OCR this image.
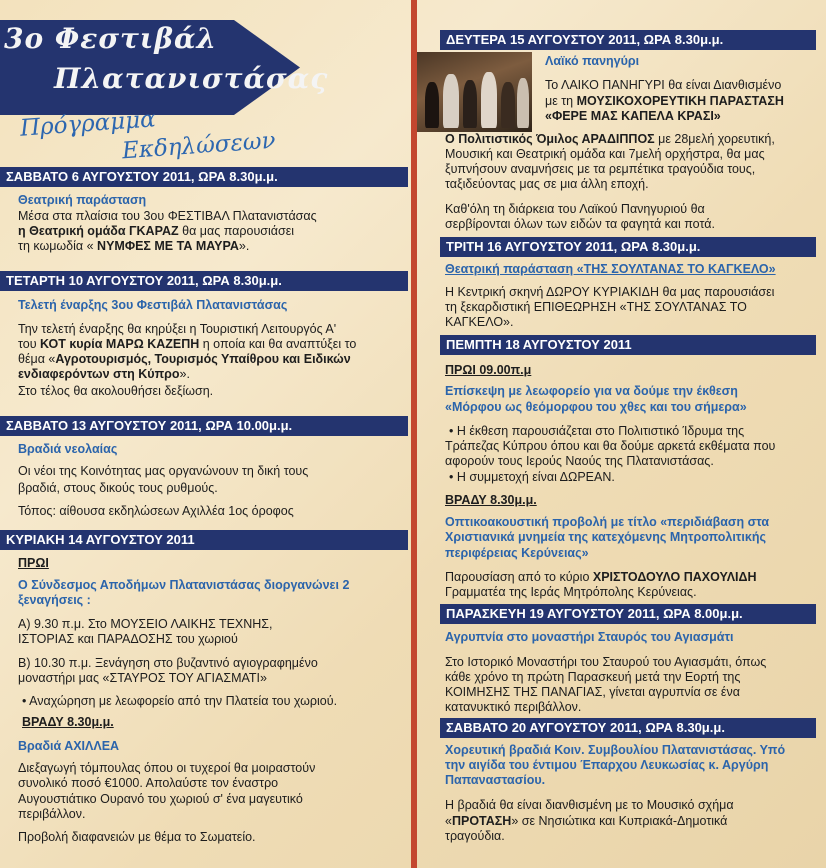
3ο Φεστιβάλ
Πλατανιστάσας
Πρόγραμμα
Εκδηλώσεων
ΣΑΒΒΑΤΟ 6 ΑΥΓΟΥΣΤΟΥ 2011, ΩΡΑ 8.30μ.μ.
Θεατρική παράσταση
Μέσα στα πλαίσια του 3ου ΦΕΣΤΙΒΑΛ Πλατανιστάσας
η Θεατρική ομάδα ΓΚΑΡΑΖ θα μας παρουσιάσει
τη κωμωδία « ΝΥΜΦΕΣ ΜΕ ΤΑ ΜΑΥΡΑ».
ΤΕΤΑΡΤΗ 10 ΑΥΓΟΥΣΤΟΥ 2011, ΩΡΑ 8.30μ.μ.
Τελετή έναρξης 3ου Φεστιβάλ Πλατανιστάσας
Την τελετή έναρξης θα κηρύξει η Τουριστική Λειτουργός Α'
του ΚΟΤ κυρία ΜΑΡΩ ΚΑΖΕΠΗ η οποία και θα αναπτύξει το
θέμα «Αγροτουρισμός, Τουρισμός Υπαίθρου και Ειδικών
ενδιαφερόντων στη Κύπρο».
Στο τέλος θα ακολουθήσει δεξίωση.
ΣΑΒΒΑΤΟ 13 ΑΥΓΟΥΣΤΟΥ 2011, ΩΡΑ 10.00μ.μ.
Βραδιά νεολαίας
Οι νέοι της Κοινότητας μας οργανώνουν τη δική τους
βραδιά, στους δικούς τους ρυθμούς.
Τόπος: αίθουσα εκδηλώσεων Αχιλλέα 1ος όροφος
ΚΥΡΙΑΚΗ 14 ΑΥΓΟΥΣΤΟΥ 2011
ΠΡΩΙ
Ο Σύνδεσμος Αποδήμων Πλατανιστάσας διοργανώνει 2
ξεναγήσεις :
Α) 9.30 π.μ. Στο ΜΟΥΣΕΙΟ ΛΑΙΚΗΣ ΤΕΧΝΗΣ,
ΙΣΤΟΡΙΑΣ και ΠΑΡΑΔΟΣΗΣ του χωριού
Β) 10.30 π.μ. Ξενάγηση στο βυζαντινό αγιογραφημένο
μοναστήρι μας «ΣΤΑΥΡΟΣ ΤΟΥ ΑΓΙΑΣΜΑΤΙ»
• Αναχώρηση με λεωφορείο από την Πλατεία του χωριού.
ΒΡΑΔΥ 8.30μ.μ.
Βραδιά ΑΧΙΛΛΕΑ
Διεξαγωγή τόμπουλας όπου οι τυχεροί θα μοιραστούν
συνολικό ποσό €1000. Απολαύστε τον έναστρο
Αυγουστιάτικο Ουρανό του χωριού σ' ένα μαγευτικό
περιβάλλον.
Προβολή διαφανειών με θέμα το Σωματείο.
ΔΕΥΤΕΡΑ 15 ΑΥΓΟΥΣΤΟΥ 2011, ΩΡΑ 8.30μ.μ.
Λαϊκό πανηγύρι
Το ΛΑΙΚΟ ΠΑΝΗΓΥΡΙ θα είναι Διανθισμένο
με τη ΜΟΥΣΙΚΟΧΟΡΕΥΤΙΚΗ ΠΑΡΑΣΤΑΣΗ
«ΦΕΡΕ ΜΑΣ ΚΑΠΕΛΑ ΚΡΑΣΙ»
Ο Πολιτιστικός Όμιλος ΑΡΑΔΙΠΠΟΣ με 28μελή χορευτική,
Μουσική και Θεατρική ομάδα και 7μελή ορχήστρα, θα μας
ξυπνήσουν αναμνήσεις με τα ρεμπέτικα τραγούδια τους,
ταξιδεύοντας μας σε μια άλλη εποχή.
Καθ'όλη τη διάρκεια του Λαϊκού Πανηγυριού θα
σερβίρονται όλων των ειδών τα φαγητά και ποτά.
ΤΡΙΤΗ 16 ΑΥΓΟΥΣΤΟΥ 2011, ΩΡΑ 8.30μ.μ.
Θεατρική παράσταση «ΤΗΣ ΣΟΥΛΤΑΝΑΣ ΤΟ ΚΑΓΚΕΛΟ»
Η Κεντρική σκηνή ΔΩΡΟΥ ΚΥΡΙΑΚΙΔΗ θα μας παρουσιάσει
τη ξεκαρδιστική ΕΠΙΘΕΩΡΗΣΗ «ΤΗΣ ΣΟΥΛΤΑΝΑΣ ΤΟ
ΚΑΓΚΕΛΟ».
ΠΕΜΠΤΗ 18 ΑΥΓΟΥΣΤΟΥ 2011
ΠΡΩΙ 09.00π.μ
Επίσκεψη με λεωφορείο για να δούμε την έκθεση
«Μόρφου ως θεόμορφου του χθες και του σήμερα»
• Η έκθεση παρουσιάζεται στο Πολιτιστικό Ίδρυμα της
Τράπεζας Κύπρου όπου και θα δούμε αρκετά εκθέματα που
αφορούν τους Ιερούς Ναούς της Πλατανιστάσας.
• Η συμμετοχή είναι ΔΩΡΕΑΝ.
ΒΡΑΔΥ 8.30μ.μ.
Οπτικοακουστική προβολή με τίτλο «περιδιάβαση στα
Χριστιανικά μνημεία της κατεχόμενης Μητροπολιτικής
περιφέρειας Κερύνειας»
Παρουσίαση από το κύριο ΧΡΙΣΤΟΔΟΥΛΟ ΠΑΧΟΥΛΙΔΗ
Γραμματέα της Ιεράς Μητρόπολης Κερύνειας.
ΠΑΡΑΣΚΕΥΗ 19 ΑΥΓΟΥΣΤΟΥ 2011, ΩΡΑ 8.00μ.μ.
Αγρυπνία στο μοναστήρι Σταυρός του Αγιασμάτι
Στο Ιστορικό Μοναστήρι του Σταυρού του Αγιασμάτι, όπως
κάθε χρόνο τη πρώτη Παρασκευή μετά την Εορτή της
ΚΟΙΜΗΣΗΣ ΤΗΣ ΠΑΝΑΓΙΑΣ, γίνεται αγρυπνία σε ένα
κατανυκτικό περιβάλλον.
ΣΑΒΒΑΤΟ 20 ΑΥΓΟΥΣΤΟΥ 2011, ΩΡΑ 8.30μ.μ.
Χορευτική βραδιά Κοιν. Συμβουλίου Πλατανιστάσας. Υπό
την αιγίδα του έντιμου Έπαρχου Λευκωσίας κ. Αργύρη
Παπαναστασίου.
Η βραδιά θα είναι διανθισμένη με το Μουσικό σχήμα
«ΠΡΟΤΑΣΗ» σε Νησιώτικα και Κυπριακά-Δημοτικά
τραγούδια.
